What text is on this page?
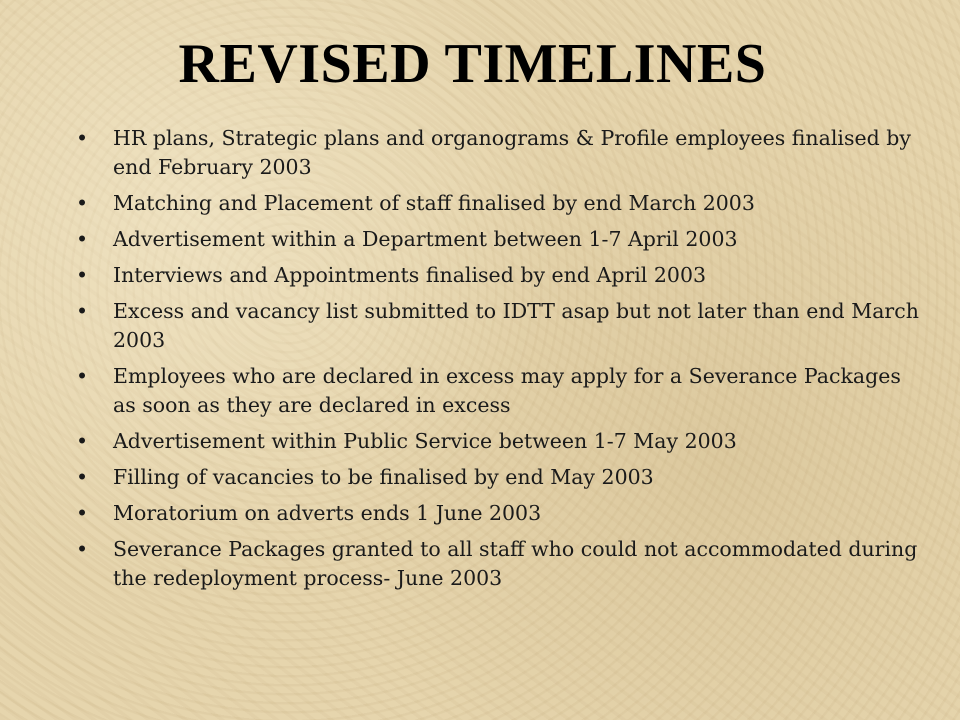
REVISED TIMELINES
•	HR plans, Strategic plans and organograms & Profile employees finalised by end February 2003
•	Matching and Placement of staff finalised by end March 2003
•	Advertisement within a Department between 1-7 April 2003
•	Interviews and Appointments finalised by end April 2003
•	Excess and vacancy list submitted to IDTT asap but not later than end March 2003
•	Employees who are declared in excess may apply for a Severance Packages as soon as they are declared in excess
•	Advertisement within Public Service between 1-7 May 2003
•	Filling of vacancies to be finalised by end May 2003
•	Moratorium on adverts ends 1 June 2003
•	Severance Packages granted to all staff who could not accommodated during the redeployment process- June 2003
